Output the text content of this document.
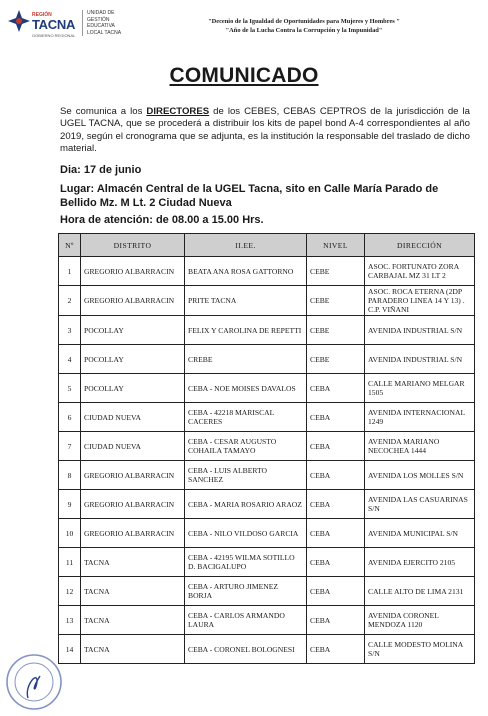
REGIÓN
TACNA
GOBIERNO REGIONAL
UNIDAD DE
GESTIÓN
EDUCATIVA
LOCAL TACNA
"Decenio de la Igualdad de Oportunidades para Mujeres y Hombres "
"Año de la Lucha Contra la Corrupción y la Impunidad"
COMUNICADO

Se comunica a los DIRECTORES de los CEBES, CEBAS CEPTROS de la jurisdicción de la UGEL TACNA, que se procederá a distribuir los kits de papel bond A-4 correspondientes al año 2019, según el cronograma que se adjunta, es la institución la responsable del traslado de dicho material.

Dia: 17 de junio
Lugar: Almacén Central de la UGEL Tacna, sito en Calle María Parado de Bellido Mz. M Lt. 2 Ciudad Nueva
Hora de atención: de 08.00 a 15.00 Hrs.
Nº	DISTRITO	II.EE.	NIVEL	DIRECCIÓN
1	GREGORIO ALBARRACIN	BEATA ANA ROSA GATTORNO	CEBE	ASOC. FORTUNATO ZORA CARBAJAL MZ 31 LT 2
2	GREGORIO ALBARRACIN	PRITE TACNA	CEBE	ASOC. ROCA ETERNA (2DP PARADERO LINEA 14 Y 13) . C.P. VIÑANI
3	POCOLLAY	FELIX Y CAROLINA DE REPETTI	CEBE	AVENIDA INDUSTRIAL S/N
4	POCOLLAY	CREBE	CEBE	AVENIDA INDUSTRIAL S/N
5	POCOLLAY	CEBA - NOE MOISES DAVALOS	CEBA	CALLE MARIANO MELGAR 1505
6	CIUDAD NUEVA	CEBA - 42218 MARISCAL CACERES	CEBA	AVENIDA INTERNACIONAL 1249
7	CIUDAD NUEVA	CEBA - CESAR AUGUSTO COHAILA TAMAYO	CEBA	AVENIDA MARIANO NECOCHEA 1444
8	GREGORIO ALBARRACIN	CEBA - LUIS ALBERTO SANCHEZ	CEBA	AVENIDA LOS MOLLES S/N
9	GREGORIO ALBARRACIN	CEBA - MARIA ROSARIO ARAOZ	CEBA	AVENIDA LAS CASUARINAS S/N
10	GREGORIO ALBARRACIN	CEBA - NILO VILDOSO GARCIA	CEBA	AVENIDA MUNICIPAL S/N
11	TACNA	CEBA - 42195 WILMA SOTILLO D. BACIGALUPO	CEBA	AVENIDA EJERCITO 2105
12	TACNA	CEBA - ARTURO JIMENEZ BORJA	CEBA	CALLE ALTO DE LIMA 2131
13	TACNA	CEBA - CARLOS ARMANDO LAURA	CEBA	AVENIDA CORONEL MENDOZA 1120
14	TACNA	CEBA - CORONEL BOLOGNESI	CEBA	CALLE MODESTO MOLINA S/N
